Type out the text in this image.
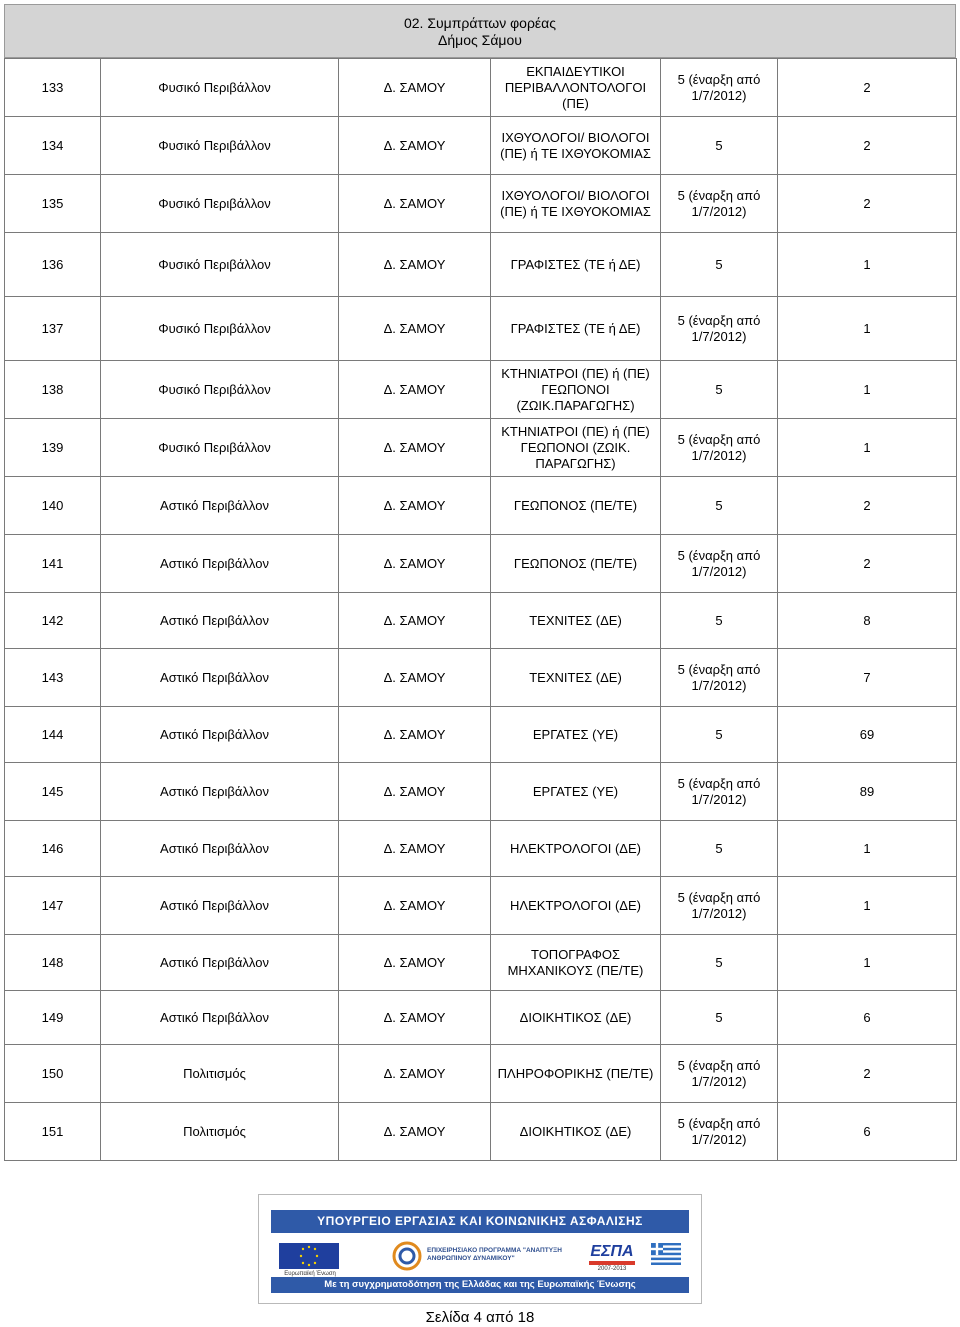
02. Συμπράττων φορέας
Δήμος Σάμου
133	Φυσικό Περιβάλλον	Δ. ΣΑΜΟΥ	ΕΚΠΑΙΔΕΥΤΙΚΟΙ ΠΕΡΙΒΑΛΛΟΝΤΟΛΟΓΟΙ (ΠΕ)	5 (έναρξη από 1/7/2012)	2
134	Φυσικό Περιβάλλον	Δ. ΣΑΜΟΥ	ΙΧΘΥΟΛΟΓΟΙ/ ΒΙΟΛΟΓΟΙ (ΠΕ) ή ΤΕ ΙΧΘΥΟΚΟΜΙΑΣ	5	2
135	Φυσικό Περιβάλλον	Δ. ΣΑΜΟΥ	ΙΧΘΥΟΛΟΓΟΙ/ ΒΙΟΛΟΓΟΙ (ΠΕ) ή ΤΕ ΙΧΘΥΟΚΟΜΙΑΣ	5 (έναρξη από 1/7/2012)	2
136	Φυσικό Περιβάλλον	Δ. ΣΑΜΟΥ	ΓΡΑΦΙΣΤΕΣ (ΤΕ ή ΔΕ)	5	1
137	Φυσικό Περιβάλλον	Δ. ΣΑΜΟΥ	ΓΡΑΦΙΣΤΕΣ (ΤΕ ή ΔΕ)	5 (έναρξη από 1/7/2012)	1
138	Φυσικό Περιβάλλον	Δ. ΣΑΜΟΥ	ΚΤΗΝΙΑΤΡΟΙ (ΠΕ) ή (ΠΕ) ΓΕΩΠΟΝΟΙ (ΖΩΙΚ.ΠΑΡΑΓΩΓΗΣ)	5	1
139	Φυσικό Περιβάλλον	Δ. ΣΑΜΟΥ	ΚΤΗΝΙΑΤΡΟΙ (ΠΕ) ή (ΠΕ) ΓΕΩΠΟΝΟΙ (ΖΩΙΚ. ΠΑΡΑΓΩΓΗΣ)	5 (έναρξη από 1/7/2012)	1
140	Αστικό Περιβάλλον	Δ. ΣΑΜΟΥ	ΓΕΩΠΟΝΟΣ (ΠΕ/ΤΕ)	5	2
141	Αστικό Περιβάλλον	Δ. ΣΑΜΟΥ	ΓΕΩΠΟΝΟΣ (ΠΕ/ΤΕ)	5 (έναρξη από 1/7/2012)	2
142	Αστικό Περιβάλλον	Δ. ΣΑΜΟΥ	ΤΕΧΝΙΤΕΣ (ΔΕ)	5	8
143	Αστικό Περιβάλλον	Δ. ΣΑΜΟΥ	ΤΕΧΝΙΤΕΣ (ΔΕ)	5 (έναρξη από 1/7/2012)	7
144	Αστικό Περιβάλλον	Δ. ΣΑΜΟΥ	ΕΡΓΑΤΕΣ (ΥΕ)	5	69
145	Αστικό Περιβάλλον	Δ. ΣΑΜΟΥ	ΕΡΓΑΤΕΣ (ΥΕ)	5 (έναρξη από 1/7/2012)	89
146	Αστικό Περιβάλλον	Δ. ΣΑΜΟΥ	ΗΛΕΚΤΡΟΛΟΓΟΙ (ΔΕ)	5	1
147	Αστικό Περιβάλλον	Δ. ΣΑΜΟΥ	ΗΛΕΚΤΡΟΛΟΓΟΙ (ΔΕ)	5 (έναρξη από 1/7/2012)	1
148	Αστικό Περιβάλλον	Δ. ΣΑΜΟΥ	ΤΟΠΟΓΡΑΦΟΣ ΜΗΧΑΝΙΚΟΥΣ (ΠΕ/ΤΕ)	5	1
149	Αστικό Περιβάλλον	Δ. ΣΑΜΟΥ	ΔΙΟΙΚΗΤΙΚΟΣ (ΔΕ)	5	6
150	Πολιτισμός	Δ. ΣΑΜΟΥ	ΠΛΗΡΟΦΟΡΙΚΗΣ (ΠΕ/ΤΕ)	5 (έναρξη από 1/7/2012)	2
151	Πολιτισμός	Δ. ΣΑΜΟΥ	ΔΙΟΙΚΗΤΙΚΟΣ (ΔΕ)	5 (έναρξη από 1/7/2012)	6
ΥΠΟΥΡΓΕΙΟ ΕΡΓΑΣΙΑΣ ΚΑΙ ΚΟΙΝΩΝΙΚΗΣ ΑΣΦΑΛΙΣΗΣ
Ευρωπαϊκή Ένωση
ΕΠΙΧΕΙΡΗΣΙΑΚΟ ΠΡΟΓΡΑΜΜΑ "ΑΝΑΠΤΥΞΗ ΑΝΘΡΩΠΙΝΟΥ ΔΥΝΑΜΙΚΟΥ"	ΕΣΠΑ
2007-2013
Με τη συγχρηματοδότηση της Ελλάδας και της Ευρωπαϊκής Ένωσης
Σελίδα 4 από 18
